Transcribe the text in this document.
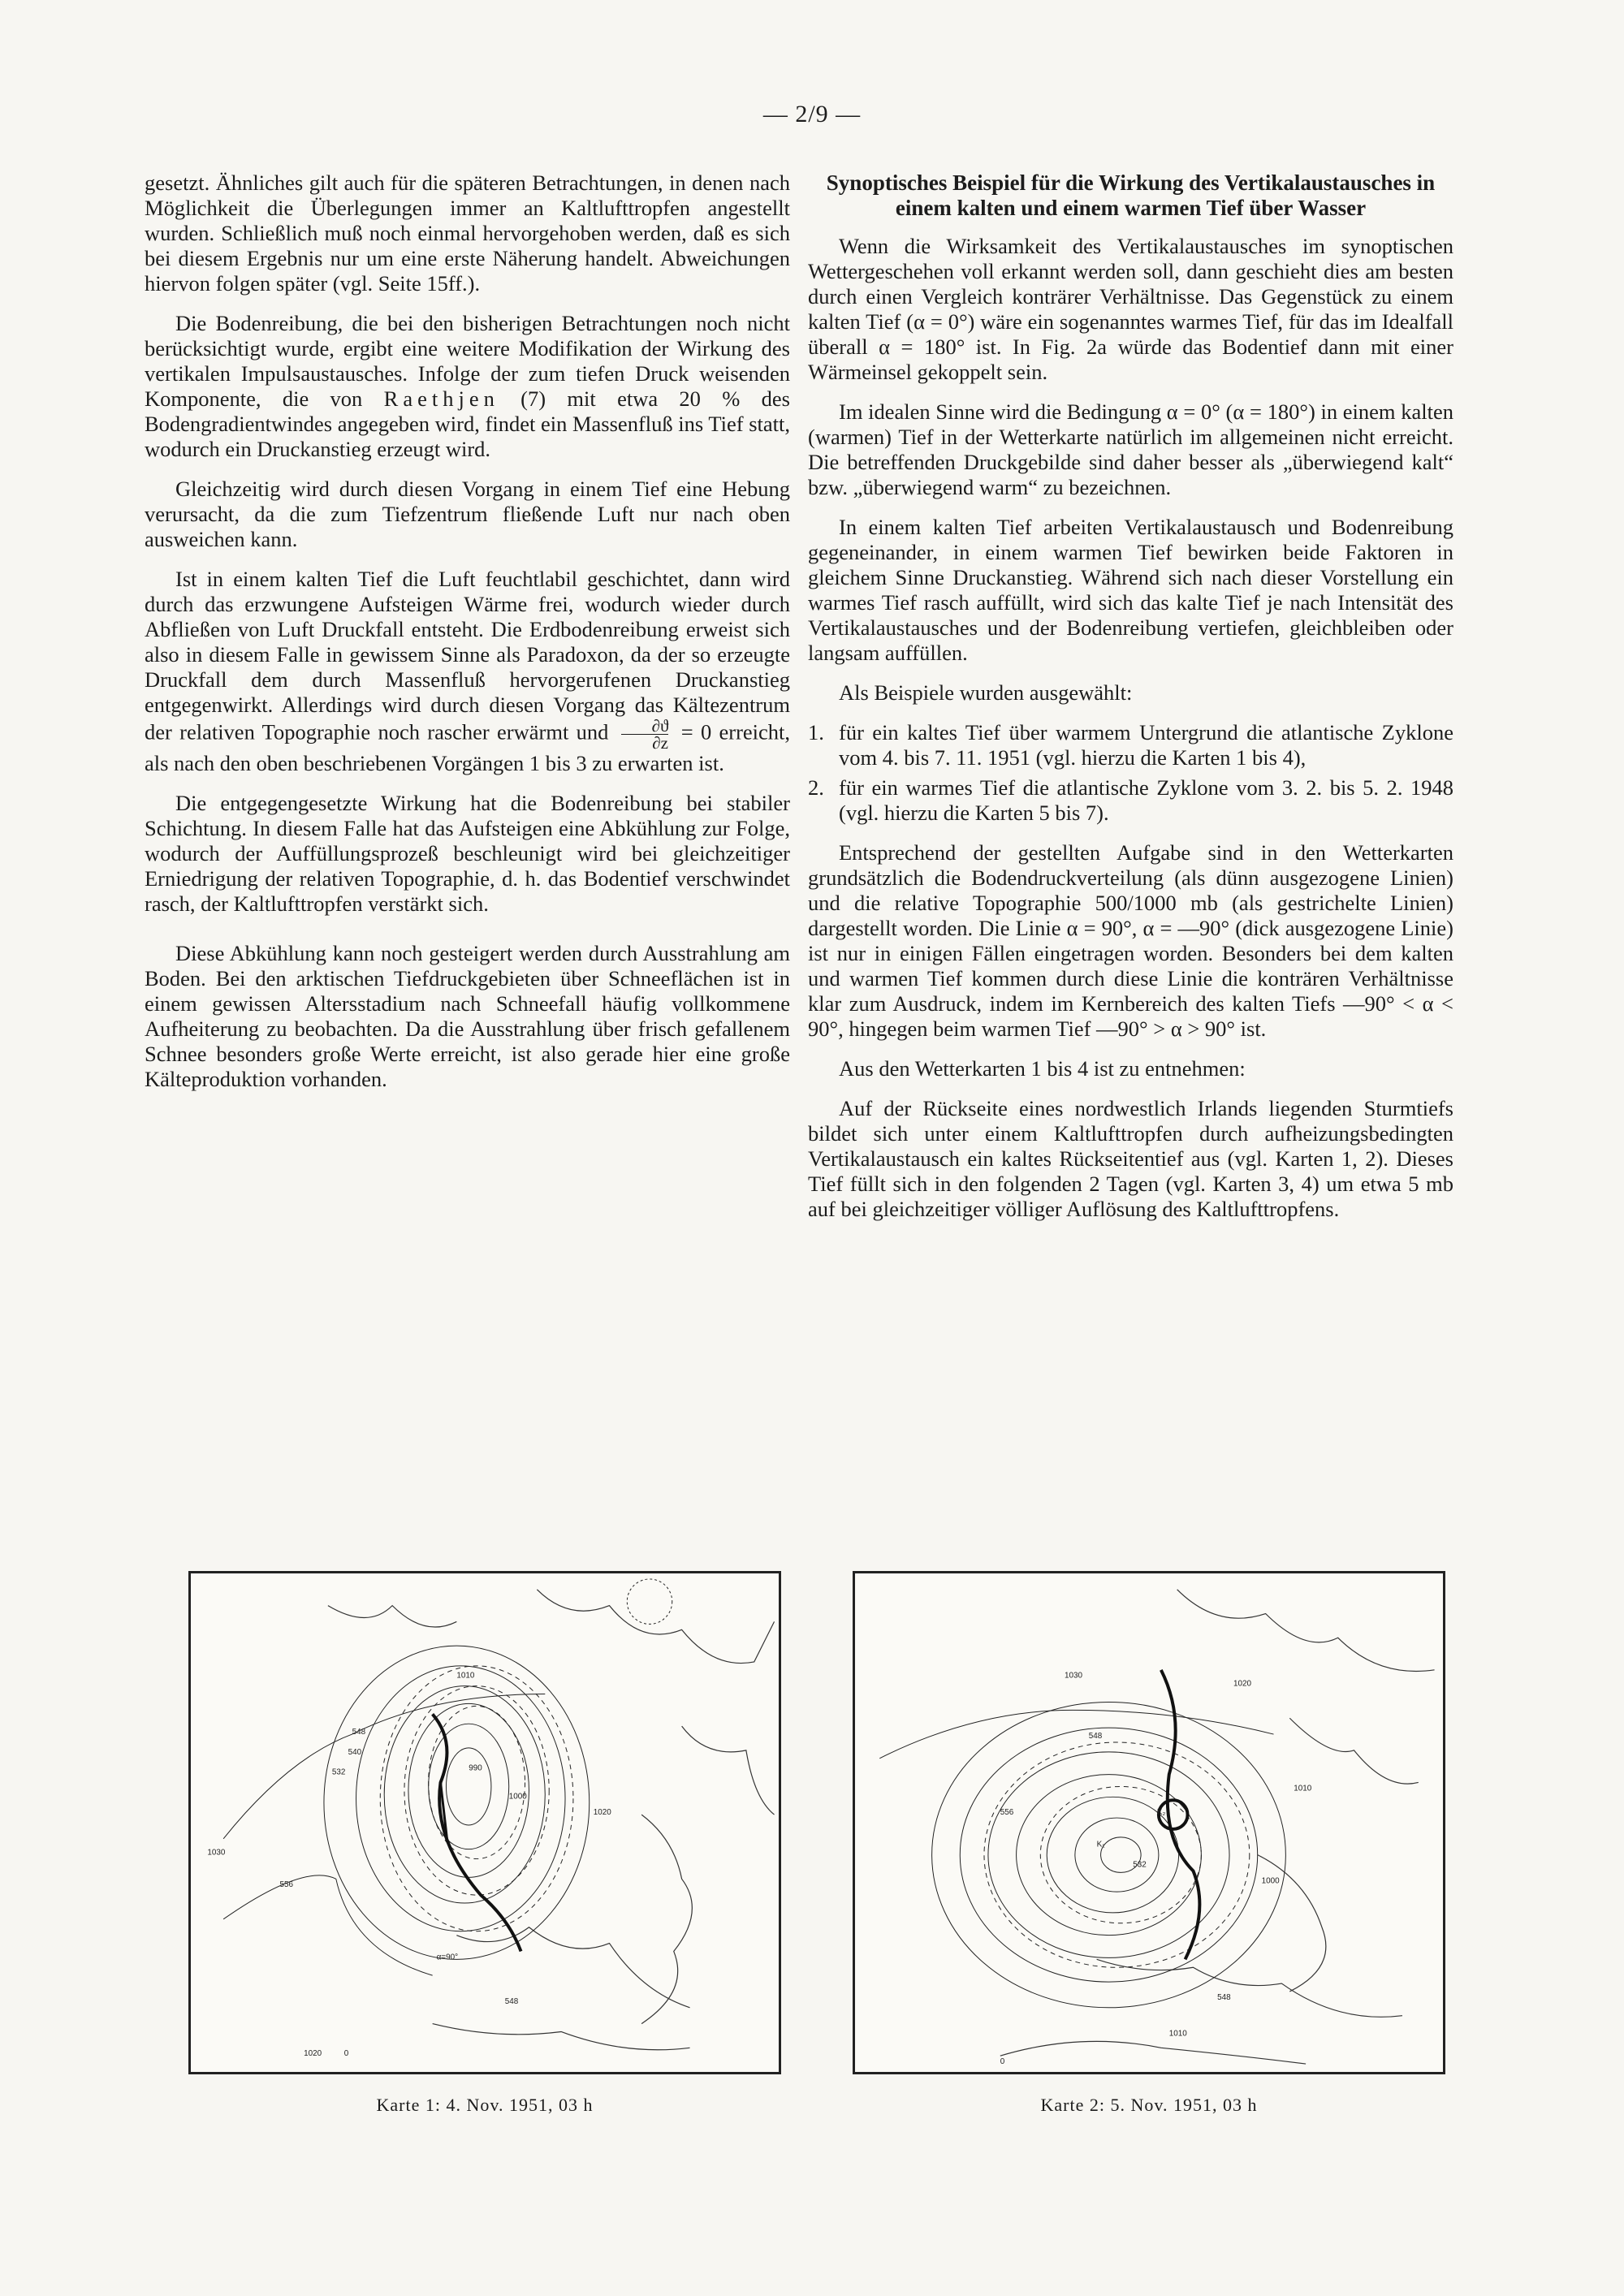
— 2/9 —

gesetzt. Ähnliches gilt auch für die späteren Betrachtungen, in denen nach Möglichkeit die Überlegungen immer an Kaltlufttropfen angestellt wurden. Schließlich muß noch einmal hervorgehoben werden, daß es sich bei diesem Ergebnis nur um eine erste Näherung handelt. Abweichungen hiervon folgen später (vgl. Seite 15ff.).

Die Bodenreibung, die bei den bisherigen Betrachtungen noch nicht berücksichtigt wurde, ergibt eine weitere Modifikation der Wirkung des vertikalen Impulsaustausches. Infolge der zum tiefen Druck weisenden Komponente, die von Raethjen (7) mit etwa 20 % des Bodengradientwindes angegeben wird, findet ein Massenfluß ins Tief statt, wodurch ein Druckanstieg erzeugt wird.

Gleichzeitig wird durch diesen Vorgang in einem Tief eine Hebung verursacht, da die zum Tiefzentrum fließende Luft nur nach oben ausweichen kann.

Ist in einem kalten Tief die Luft feuchtlabil geschichtet, dann wird durch das erzwungene Aufsteigen Wärme frei, wodurch wieder durch Abfließen von Luft Druckfall entsteht. Die Erdbodenreibung erweist sich also in diesem Falle in gewissem Sinne als Paradoxon, da der so erzeugte Druckfall dem durch Massenfluß hervorgerufenen Druckanstieg entgegenwirkt. Allerdings wird durch diesen Vorgang das Kältezentrum der relativen Topographie noch rascher erwärmt und $\frac{\partial ϑ}{\partial z} = 0$ erreicht, als nach den oben beschriebenen Vorgängen 1 bis 3 zu erwarten ist.

Die entgegengesetzte Wirkung hat die Bodenreibung bei stabiler Schichtung. In diesem Falle hat das Aufsteigen eine Abkühlung zur Folge, wodurch der Auffüllungsprozeß beschleunigt wird bei gleichzeitiger Erniedrigung der relativen Topographie, d. h. das Bodentief verschwindet rasch, der Kaltlufttropfen verstärkt sich.

Diese Abkühlung kann noch gesteigert werden durch Ausstrahlung am Boden. Bei den arktischen Tiefdruckgebieten über Schneeflächen ist in einem gewissen Altersstadium nach Schneefall häufig vollkommene Aufheiterung zu beobachten. Da die Ausstrahlung über frisch gefallenem Schnee besonders große Werte erreicht, ist also gerade hier eine große Kälteproduktion vorhanden.

Synoptisches Beispiel für die Wirkung des Vertikalaustausches in einem kalten und einem warmen Tief über Wasser

Wenn die Wirksamkeit des Vertikalaustausches im synoptischen Wettergeschehen voll erkannt werden soll, dann geschieht dies am besten durch einen Vergleich konträrer Verhältnisse. Das Gegenstück zu einem kalten Tief (α = 0°) wäre ein sogenanntes warmes Tief, für das im Idealfall überall α = 180° ist. In Fig. 2a würde das Bodentief dann mit einer Wärmeinsel gekoppelt sein.

Im idealen Sinne wird die Bedingung α = 0° (α = 180°) in einem kalten (warmen) Tief in der Wetterkarte natürlich im allgemeinen nicht erreicht. Die betreffenden Druckgebilde sind daher besser als „überwiegend kalt“ bzw. „überwiegend warm“ zu bezeichnen.

In einem kalten Tief arbeiten Vertikalaustausch und Bodenreibung gegeneinander, in einem warmen Tief bewirken beide Faktoren in gleichem Sinne Druckanstieg. Während sich nach dieser Vorstellung ein warmes Tief rasch auffüllt, wird sich das kalte Tief je nach Intensität des Vertikalaustausches und der Bodenreibung vertiefen, gleichbleiben oder langsam auffüllen.

Als Beispiele wurden ausgewählt:

1. für ein kaltes Tief über warmem Untergrund die atlantische Zyklone vom 4. bis 7. 11. 1951 (vgl. hierzu die Karten 1 bis 4),
2. für ein warmes Tief die atlantische Zyklone vom 3. 2. bis 5. 2. 1948 (vgl. hierzu die Karten 5 bis 7).

Entsprechend der gestellten Aufgabe sind in den Wetterkarten grundsätzlich die Bodendruckverteilung (als dünn ausgezogene Linien) und die relative Topographie 500/1000 mb (als gestrichelte Linien) dargestellt worden. Die Linie α = 90°, α = —90° (dick ausgezogene Linie) ist nur in einigen Fällen eingetragen worden. Besonders bei dem kalten und warmen Tief kommen durch diese Linie die konträren Verhältnisse klar zum Ausdruck, indem im Kernbereich des kalten Tiefs —90° < α < 90°, hingegen beim warmen Tief —90° > α > 90° ist.

Aus den Wetterkarten 1 bis 4 ist zu entnehmen:

Auf der Rückseite eines nordwestlich Irlands liegenden Sturmtiefs bildet sich unter einem Kaltlufttropfen durch aufheizungsbedingten Vertikalaustausch ein kaltes Rückseitentief aus (vgl. Karten 1, 2). Dieses Tief füllt sich in den folgenden 2 Tagen (vgl. Karten 3, 4) um etwa 5 mb auf bei gleichzeitiger völliger Auflösung des Kaltlufttropfens.

1010
548
540
532
1000
990
1020
1030
556
α=90°
1020	0
548
1030
1020
1010
1000
548
556
532
K₁
K₂
1010
0
548
Karte 1: 4. Nov. 1951, 03 h	Karte 2: 5. Nov. 1951, 03 h
